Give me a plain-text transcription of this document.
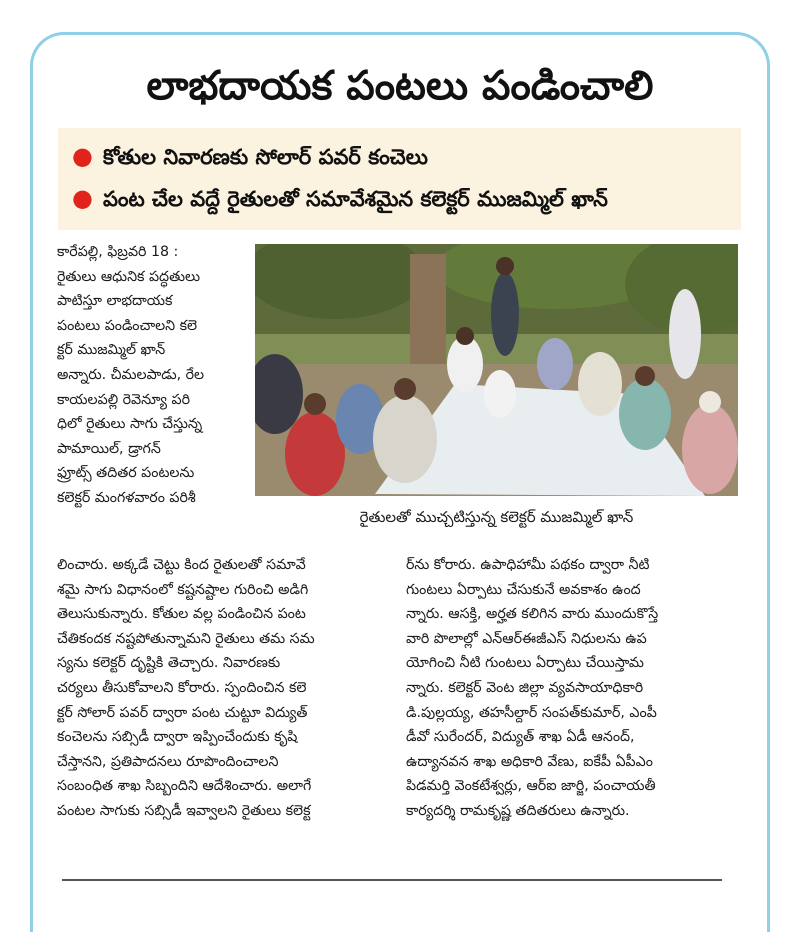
లాభదాయక పంటలు పండించాలి
● కోతుల నివారణకు సోలార్ పవర్ కంచెలు
● పంట చేల వద్దే రైతులతో సమావేశమైన కలెక్టర్ ముజమ్మిల్ ఖాన్

కారేపల్లి, ఫిబ్రవరి 18 :

రైతులు ఆధునిక పద్ధతులు

పాటిస్తూ లాభదాయక

పంటలు పండించాలని కలె

క్టర్ ముజమ్మిల్ ఖాన్

అన్నారు. చీమలపాడు, రేల

కాయలపల్లి రెవెన్యూ పరి

ధిలో రైతులు సాగు చేస్తున్న

పామాయిల్, డ్రాగన్

ఫ్రూట్స్ తదితర పంటలను

కలెక్టర్ మంగళవారం పరిశీ

రైతులతో ముచ్చటిస్తున్న కలెక్టర్ ముజమ్మిల్ ఖాన్

లించారు. అక్కడే చెట్టు కింద రైతులతో సమావే

శమై సాగు విధానంలో కష్టనష్టాల గురించి అడిగి

తెలుసుకున్నారు. కోతుల వల్ల పండించిన పంట

చేతికందక నష్టపోతున్నామని రైతులు తమ సమ

స్యను కలెక్టర్ దృష్టికి తెచ్చారు. నివారణకు

చర్యలు తీసుకోవాలని కోరారు. స్పందించిన కలె

క్టర్ సోలార్ పవర్ ద్వారా పంట చుట్టూ విద్యుత్

కంచెలను సబ్సిడీ ద్వారా ఇప్పించేందుకు కృషి

చేస్తానని, ప్రతిపాదనలు రూపొందించాలని

సంబంధిత శాఖ సిబ్బందిని ఆదేశించారు. అలాగే

పంటల సాగుకు సబ్సిడీ ఇవ్వాలని రైతులు కలెక్ట

ర్‌ను కోరారు. ఉపాధిహామీ పథకం ద్వారా నీటి

గుంటలు ఏర్పాటు చేసుకునే అవకాశం ఉంద

న్నారు. ఆసక్తి, అర్హత కలిగిన వారు ముందుకొస్తే

వారి పొలాల్లో ఎన్‌ఆర్‌ఈజీఎస్ నిధులను ఉప

యోగించి నీటి గుంటలు ఏర్పాటు చేయిస్తామ

న్నారు. కలెక్టర్ వెంట జిల్లా వ్యవసాయాధికారి

డి.పుల్లయ్య, తహసీల్దార్ సంపత్‌కుమార్, ఎంపీ

డీవో సురేందర్, విద్యుత్ శాఖ ఏడీ ఆనంద్,

ఉద్యానవన శాఖ అధికారి వేణు, ఐకేపీ ఏపీఎం

పిడమర్తి వెంకటేశ్వర్లు, ఆర్‌ఐ జార్జి, పంచాయతీ

కార్యదర్శి రామకృష్ణ తదితరులు ఉన్నారు.
